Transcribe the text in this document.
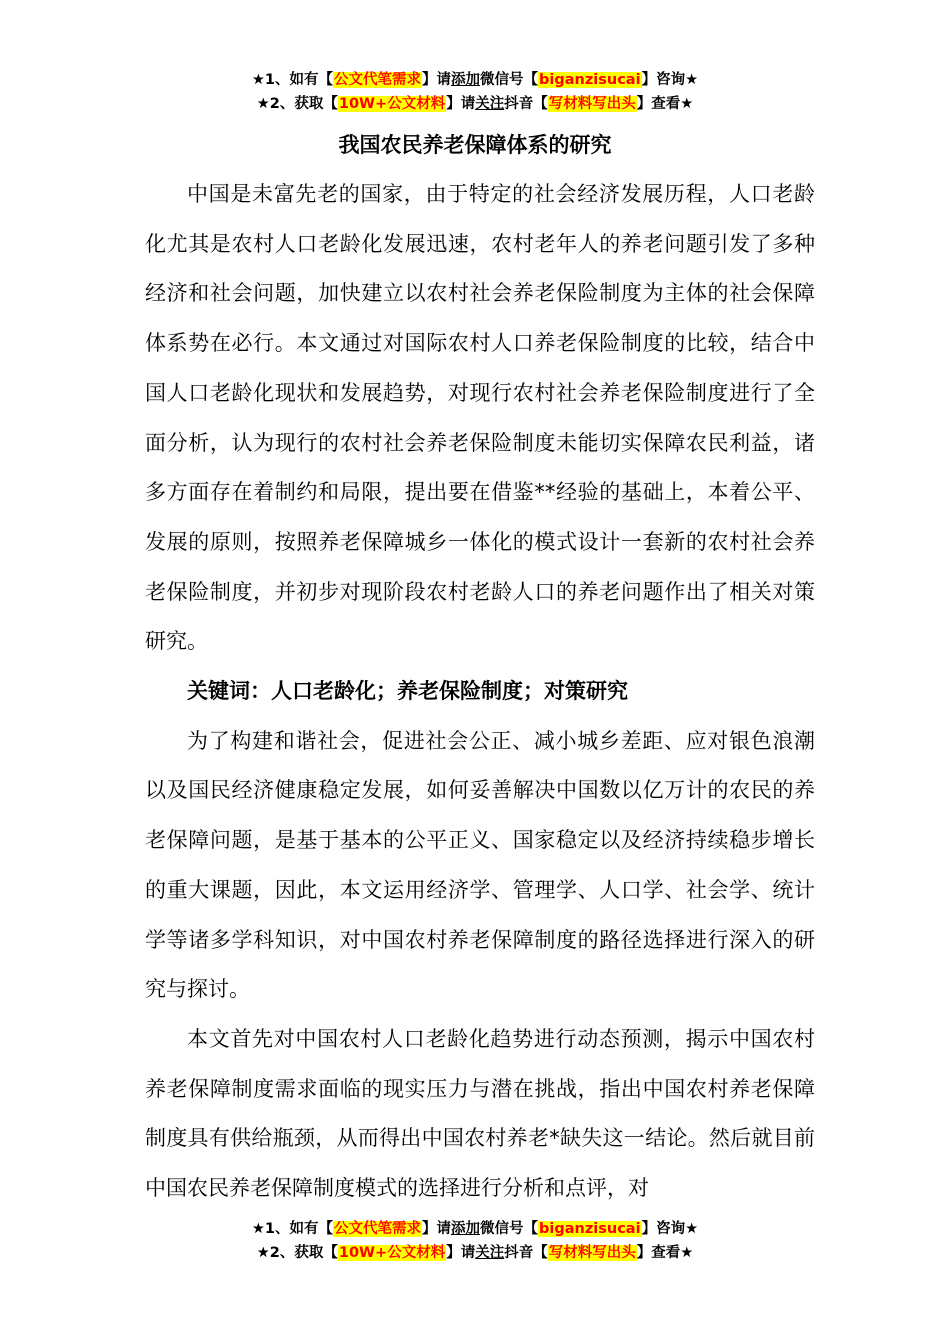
★1、如有【公文代笔需求】请添加微信号【biganzisucai】咨询★
★2、获取【10W+公文材料】请关注抖音【写材料写出头】查看★
我国农民养老保障体系的研究

中国是未富先老的国家，由于特定的社会经济发展历程，人口老龄化尤其是农村人口老龄化发展迅速，农村老年人的养老问题引发了多种经济和社会问题，加快建立以农村社会养老保险制度为主体的社会保障体系势在必行。本文通过对国际农村人口养老保险制度的比较，结合中国人口老龄化现状和发展趋势，对现行农村社会养老保险制度进行了全面分析，认为现行的农村社会养老保险制度未能切实保障农民利益，诸多方面存在着制约和局限，提出要在借鉴**经验的基础上，本着公平、发展的原则，按照养老保障城乡一体化的模式设计一套新的农村社会养老保险制度，并初步对现阶段农村老龄人口的养老问题作出了相关对策研究。

关键词：人口老龄化；养老保险制度；对策研究

为了构建和谐社会，促进社会公正、减小城乡差距、应对银色浪潮以及国民经济健康稳定发展，如何妥善解决中国数以亿万计的农民的养老保障问题，是基于基本的公平正义、国家稳定以及经济持续稳步增长的重大课题，因此，本文运用经济学、管理学、人口学、社会学、统计学等诸多学科知识，对中国农村养老保障制度的路径选择进行深入的研究与探讨。

本文首先对中国农村人口老龄化趋势进行动态预测，揭示中国农村养老保障制度需求面临的现实压力与潜在挑战，指出中国农村养老保障制度具有供给瓶颈，从而得出中国农村养老*缺失这一结论。然后就目前中国农民养老保障制度模式的选择进行分析和点评，对

★1、如有【公文代笔需求】请添加微信号【biganzisucai】咨询★
★2、获取【10W+公文材料】请关注抖音【写材料写出头】查看★
